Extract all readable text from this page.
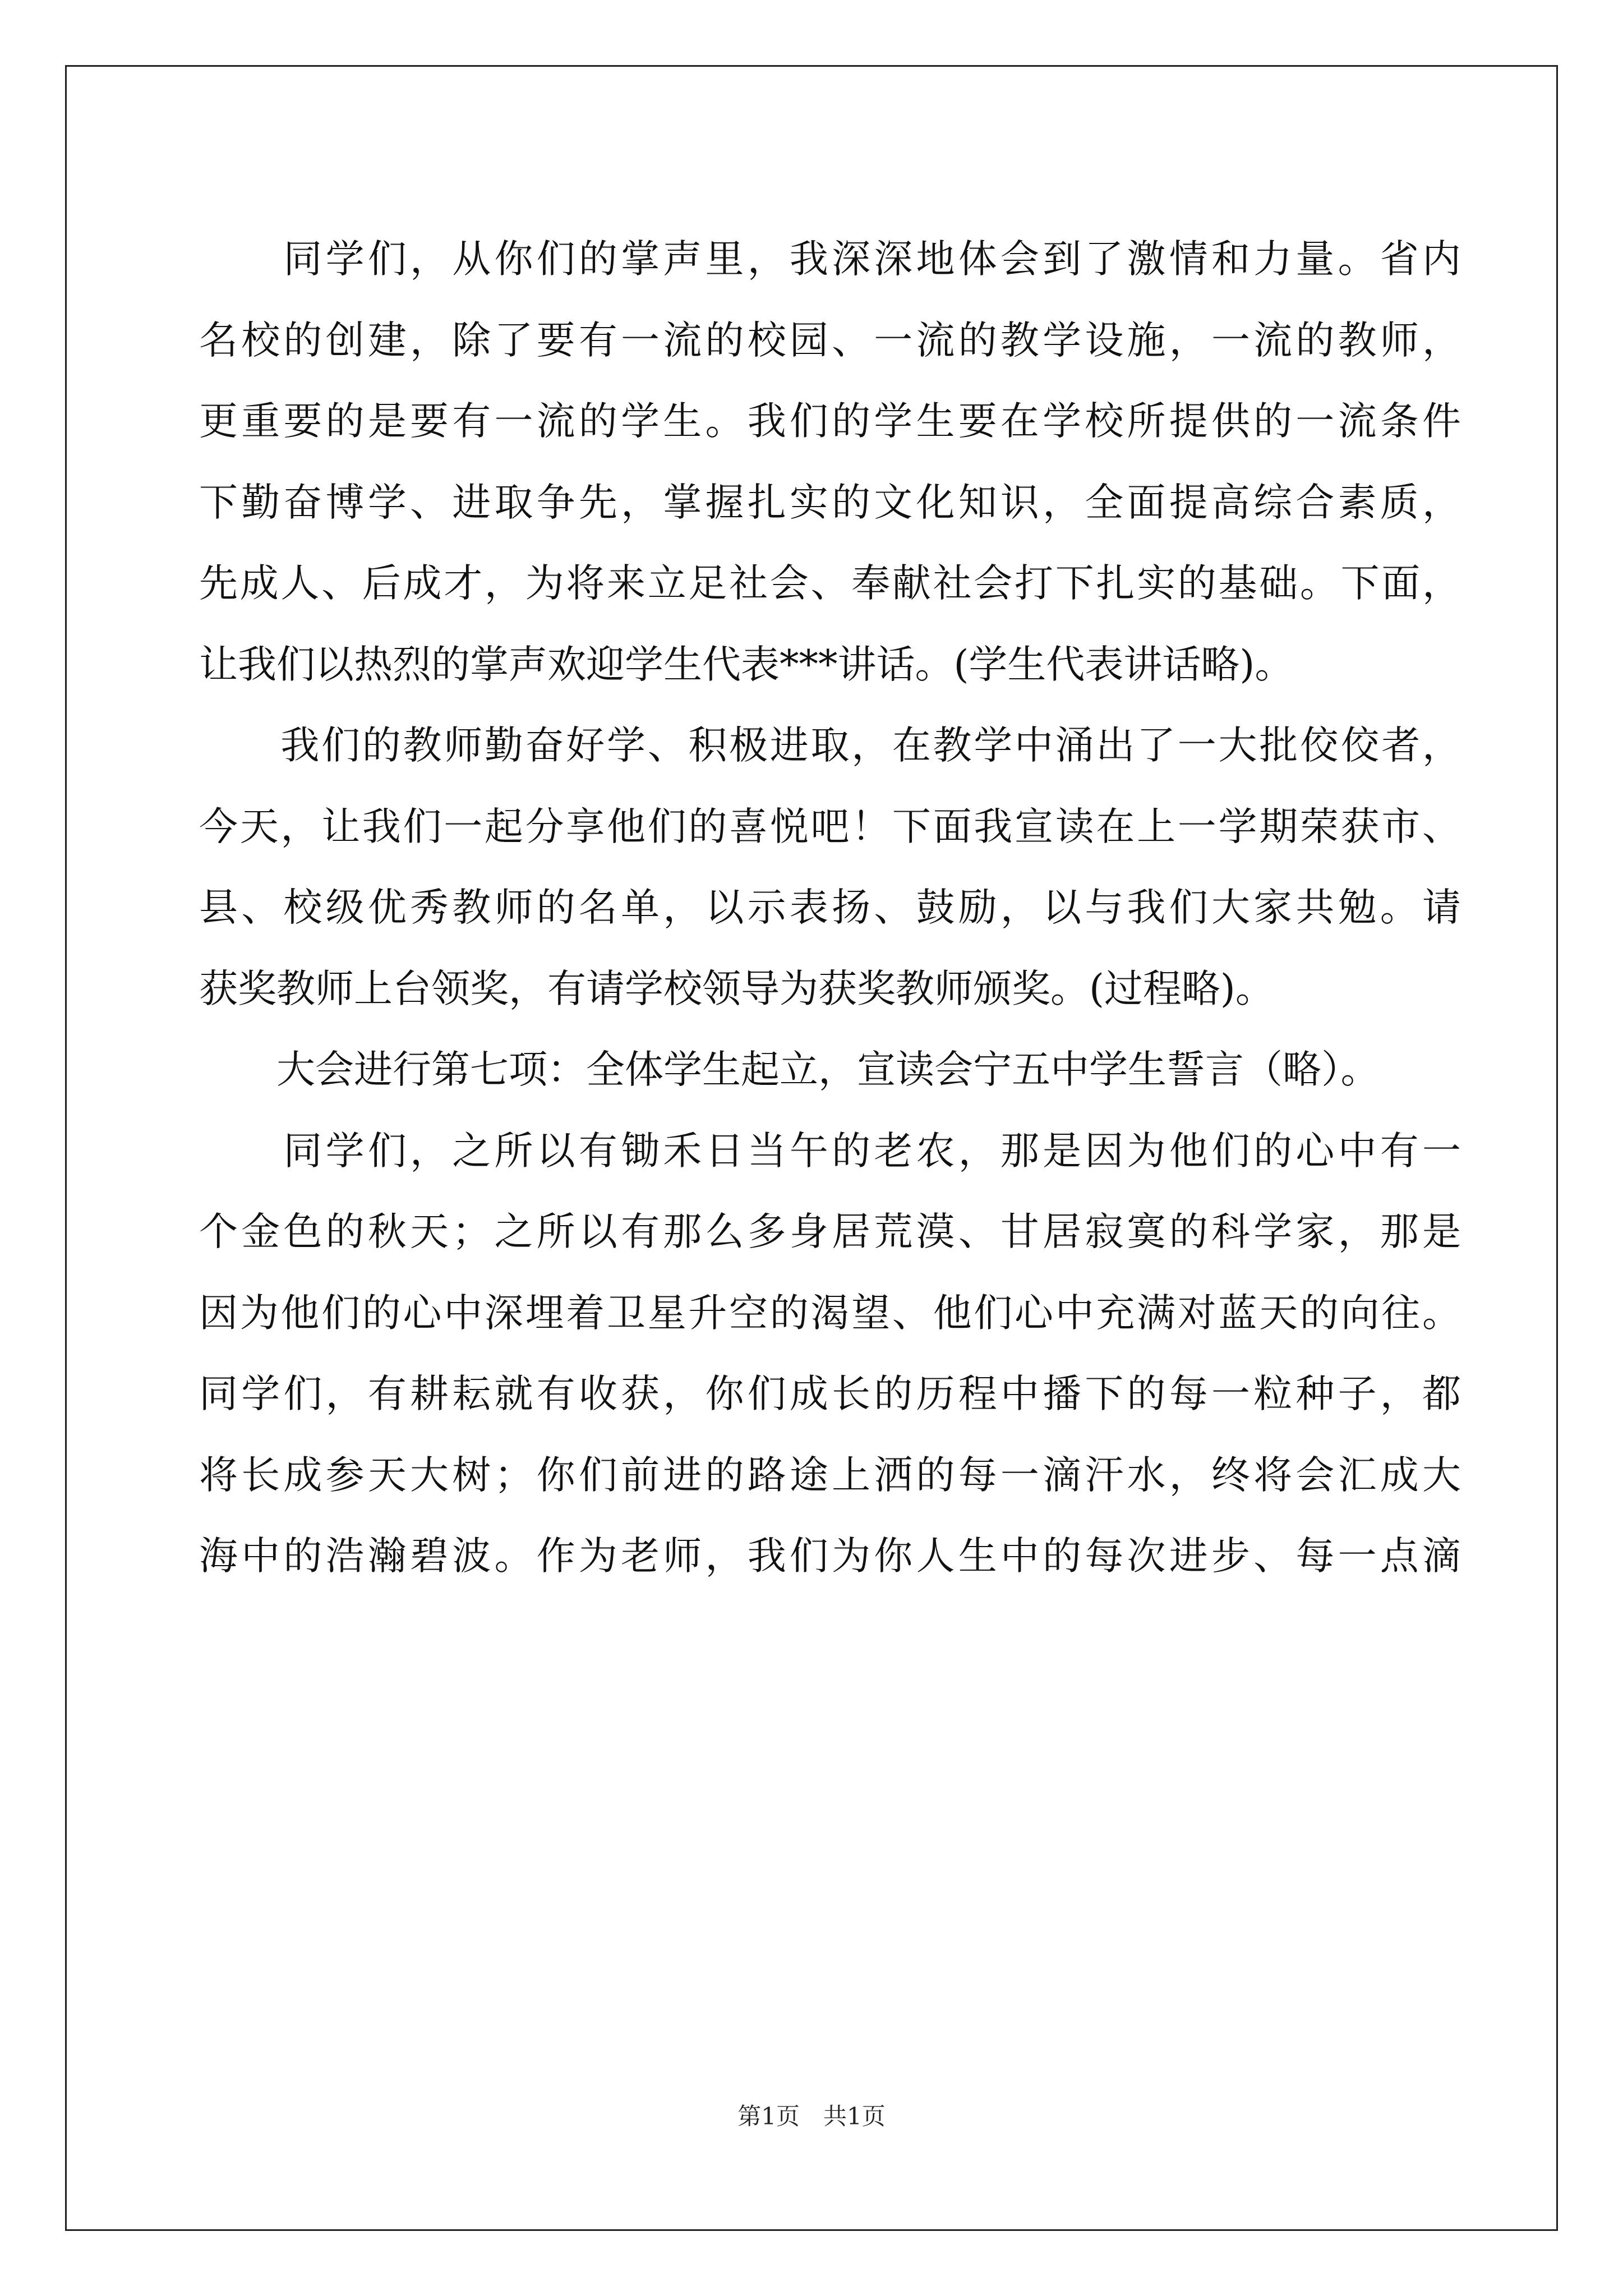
　　同学们，从你们的掌声里，我深深地体会到了激情和力量。省内
名校的创建，除了要有一流的校园、一流的教学设施，一流的教师，
更重要的是要有一流的学生。我们的学生要在学校所提供的一流条件
下勤奋博学、进取争先，掌握扎实的文化知识，全面提高综合素质，
先成人、后成才，为将来立足社会、奉献社会打下扎实的基础。下面，
让我们以热烈的掌声欢迎学生代表***讲话。(学生代表讲话略)。
　　我们的教师勤奋好学、积极进取，在教学中涌出了一大批佼佼者，
今天，让我们一起分享他们的喜悦吧！下面我宣读在上一学期荣获市、
县、校级优秀教师的名单，以示表扬、鼓励，以与我们大家共勉。请
获奖教师上台领奖，有请学校领导为获奖教师颁奖。(过程略)。
　　大会进行第七项：全体学生起立，宣读会宁五中学生誓言（略）。
　　同学们，之所以有锄禾日当午的老农，那是因为他们的心中有一
个金色的秋天；之所以有那么多身居荒漠、甘居寂寞的科学家，那是
因为他们的心中深埋着卫星升空的渴望、他们心中充满对蓝天的向往。
同学们，有耕耘就有收获，你们成长的历程中播下的每一粒种子，都
将长成参天大树；你们前进的路途上洒的每一滴汗水，终将会汇成大
海中的浩瀚碧波。作为老师，我们为你人生中的每次进步、每一点滴
第1页　共1页
